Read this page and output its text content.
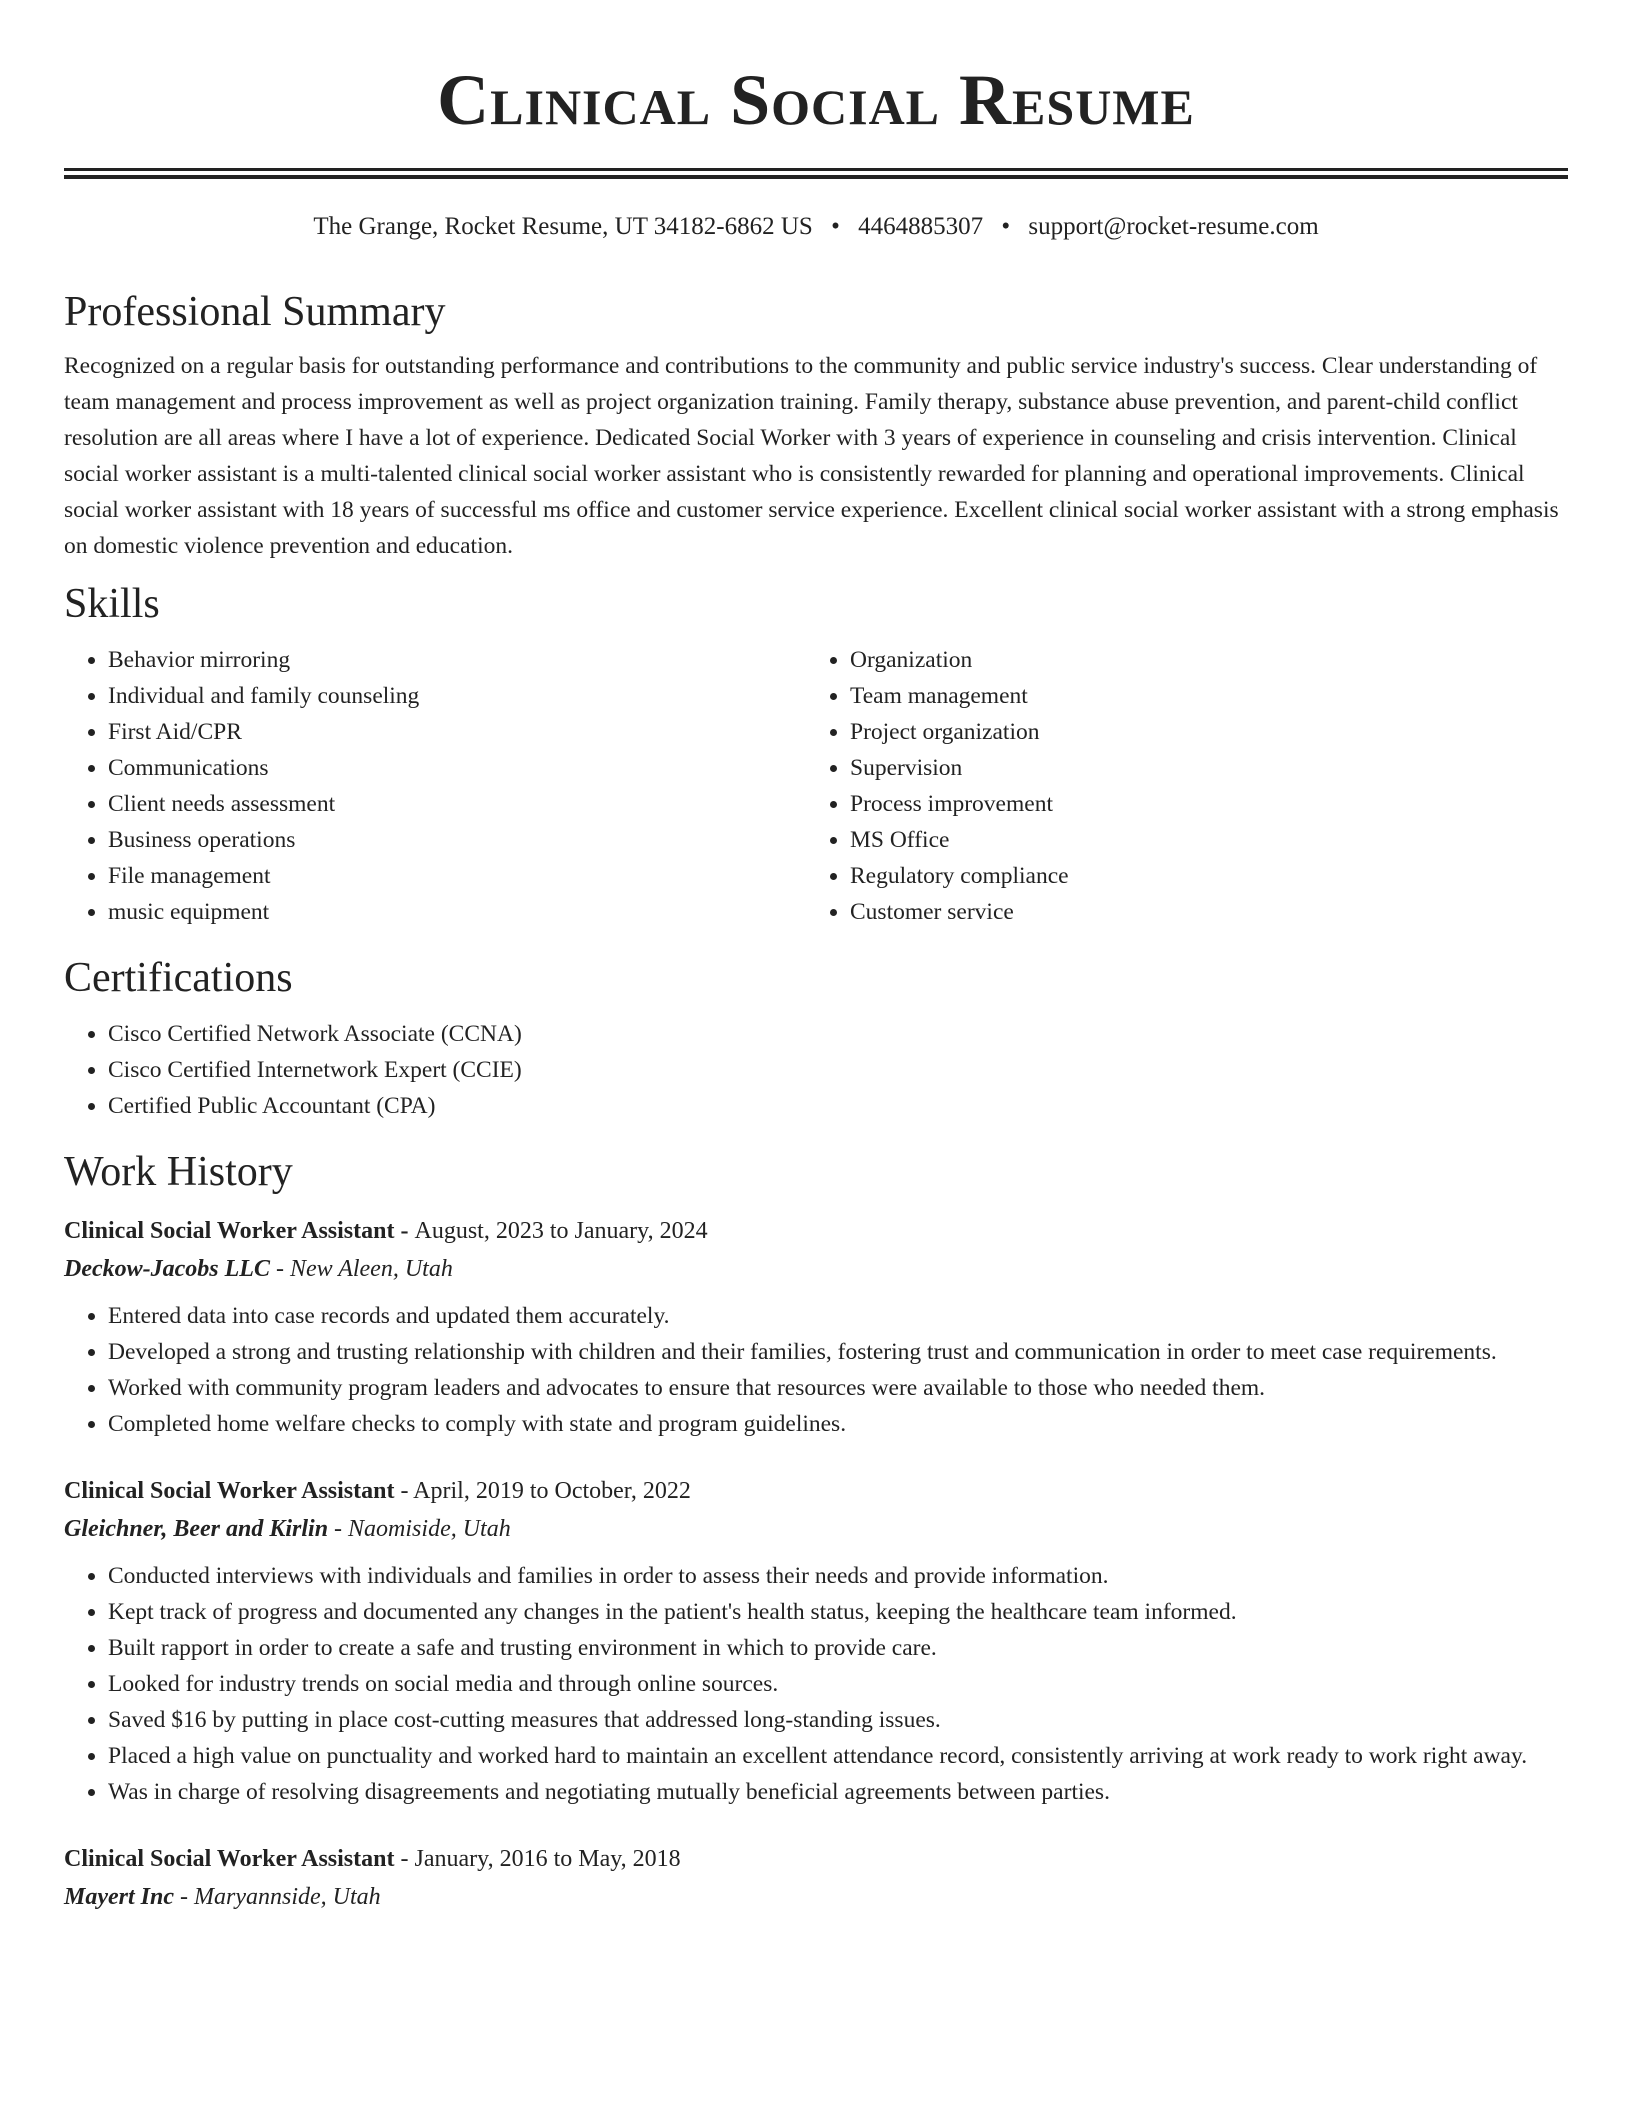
Clinical Social Resume
The Grange, Rocket Resume, UT 34182-6862 US • 4464885307 • support@rocket-resume.com
Professional Summary

Recognized on a regular basis for outstanding performance and contributions to the community and public service industry's success. Clear understanding of team management and process improvement as well as project organization training. Family therapy, substance abuse prevention, and parent-child conflict resolution are all areas where I have a lot of experience. Dedicated Social Worker with 3 years of experience in counseling and crisis intervention. Clinical social worker assistant is a multi-talented clinical social worker assistant who is consistently rewarded for planning and operational improvements. Clinical social worker assistant with 18 years of successful ms office and customer service experience. Excellent clinical social worker assistant with a strong emphasis on domestic violence prevention and education.

Skills
• Behavior mirroring
• Individual and family counseling
• First Aid/CPR
• Communications
• Client needs assessment
• Business operations
• File management
• music equipment
• Organization
• Team management
• Project organization
• Supervision
• Process improvement
• MS Office
• Regulatory compliance
• Customer service
Certifications
• Cisco Certified Network Associate (CCNA)
• Cisco Certified Internetwork Expert (CCIE)
• Certified Public Accountant (CPA)
Work History

Clinical Social Worker Assistant - August, 2023 to January, 2024

Deckow-Jacobs LLC - New Aleen, Utah

• Entered data into case records and updated them accurately.
• Developed a strong and trusting relationship with children and their families, fostering trust and communication in order to meet case requirements.
• Worked with community program leaders and advocates to ensure that resources were available to those who needed them.
• Completed home welfare checks to comply with state and program guidelines.

Clinical Social Worker Assistant - April, 2019 to October, 2022

Gleichner, Beer and Kirlin - Naomiside, Utah

• Conducted interviews with individuals and families in order to assess their needs and provide information.
• Kept track of progress and documented any changes in the patient's health status, keeping the healthcare team informed.
• Built rapport in order to create a safe and trusting environment in which to provide care.
• Looked for industry trends on social media and through online sources.
• Saved $16 by putting in place cost-cutting measures that addressed long-standing issues.
• Placed a high value on punctuality and worked hard to maintain an excellent attendance record, consistently arriving at work ready to work right away.
• Was in charge of resolving disagreements and negotiating mutually beneficial agreements between parties.

Clinical Social Worker Assistant - January, 2016 to May, 2018

Mayert Inc - Maryannside, Utah
